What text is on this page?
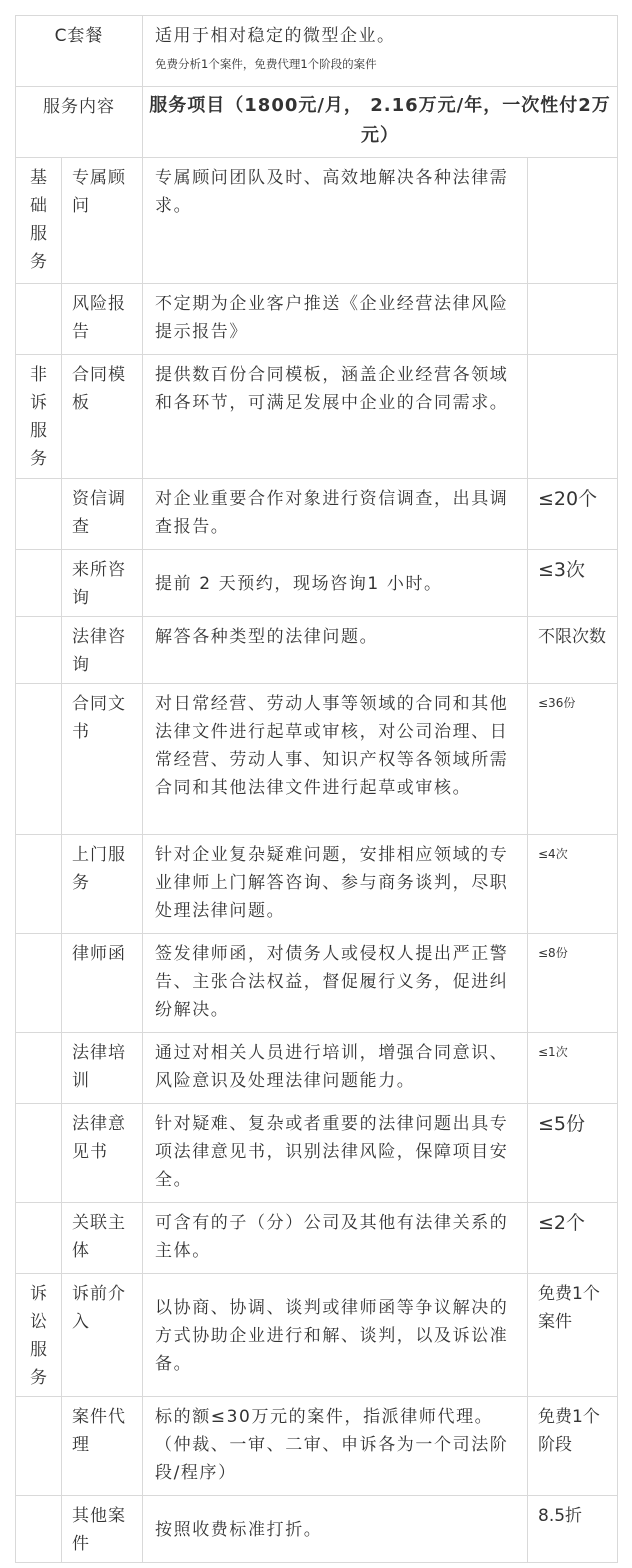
C套餐		适用于相对稳定的微型企业。
免费分析1个案件，免费代理1个阶段的案件	

服务内容		服务项目（1800元/月， 2.16万元/年，一次性付2万元）	

基础服务	专属顾问	专属顾问团队及时、高效地解决各种法律需求。	
	风险报告	不定期为企业客户推送《企业经营法律风险提示报告》	

非诉服务	合同模板	提供数百份合同模板，涵盖企业经营各领域和各环节，可满足发展中企业的合同需求。	
	资信调查	对企业重要合作对象进行资信调查，出具调查报告。	≤20个
	来所咨询	提前 2 天预约，现场咨询1 小时。	≤3次
	法律咨询	解答各种类型的法律问题。	不限次数
	合同文书	对日常经营、劳动人事等领域的合同和其他法律文件进行起草或审核，对公司治理、日常经营、劳动人事、知识产权等各领域所需合同和其他法律文件进行起草或审核。	≤36份
	上门服务	针对企业复杂疑难问题，安排相应领域的专业律师上门解答咨询、参与商务谈判，尽职处理法律问题。	≤4次
	律师函	签发律师函，对债务人或侵权人提出严正警告、主张合法权益，督促履行义务，促进纠纷解决。	≤8份
	法律培训	通过对相关人员进行培训，增强合同意识、风险意识及处理法律问题能力。	≤1次
	法律意见书	针对疑难、复杂或者重要的法律问题出具专项法律意见书，识别法律风险，保障项目安全。	≤5份
	关联主体	可含有的子（分）公司及其他有法律关系的主体。	≤2个

诉讼服务	诉前介入	以协商、协调、谈判或律师函等争议解决的方式协助企业进行和解、谈判，以及诉讼准备。	免费1个案件
	案件代理	标的额≤30万元的案件，指派律师代理。（仲裁、一审、二审、申诉各为一个司法阶段/程序）	免费1个阶段
	其他案件	按照收费标准打折。	8.5折
